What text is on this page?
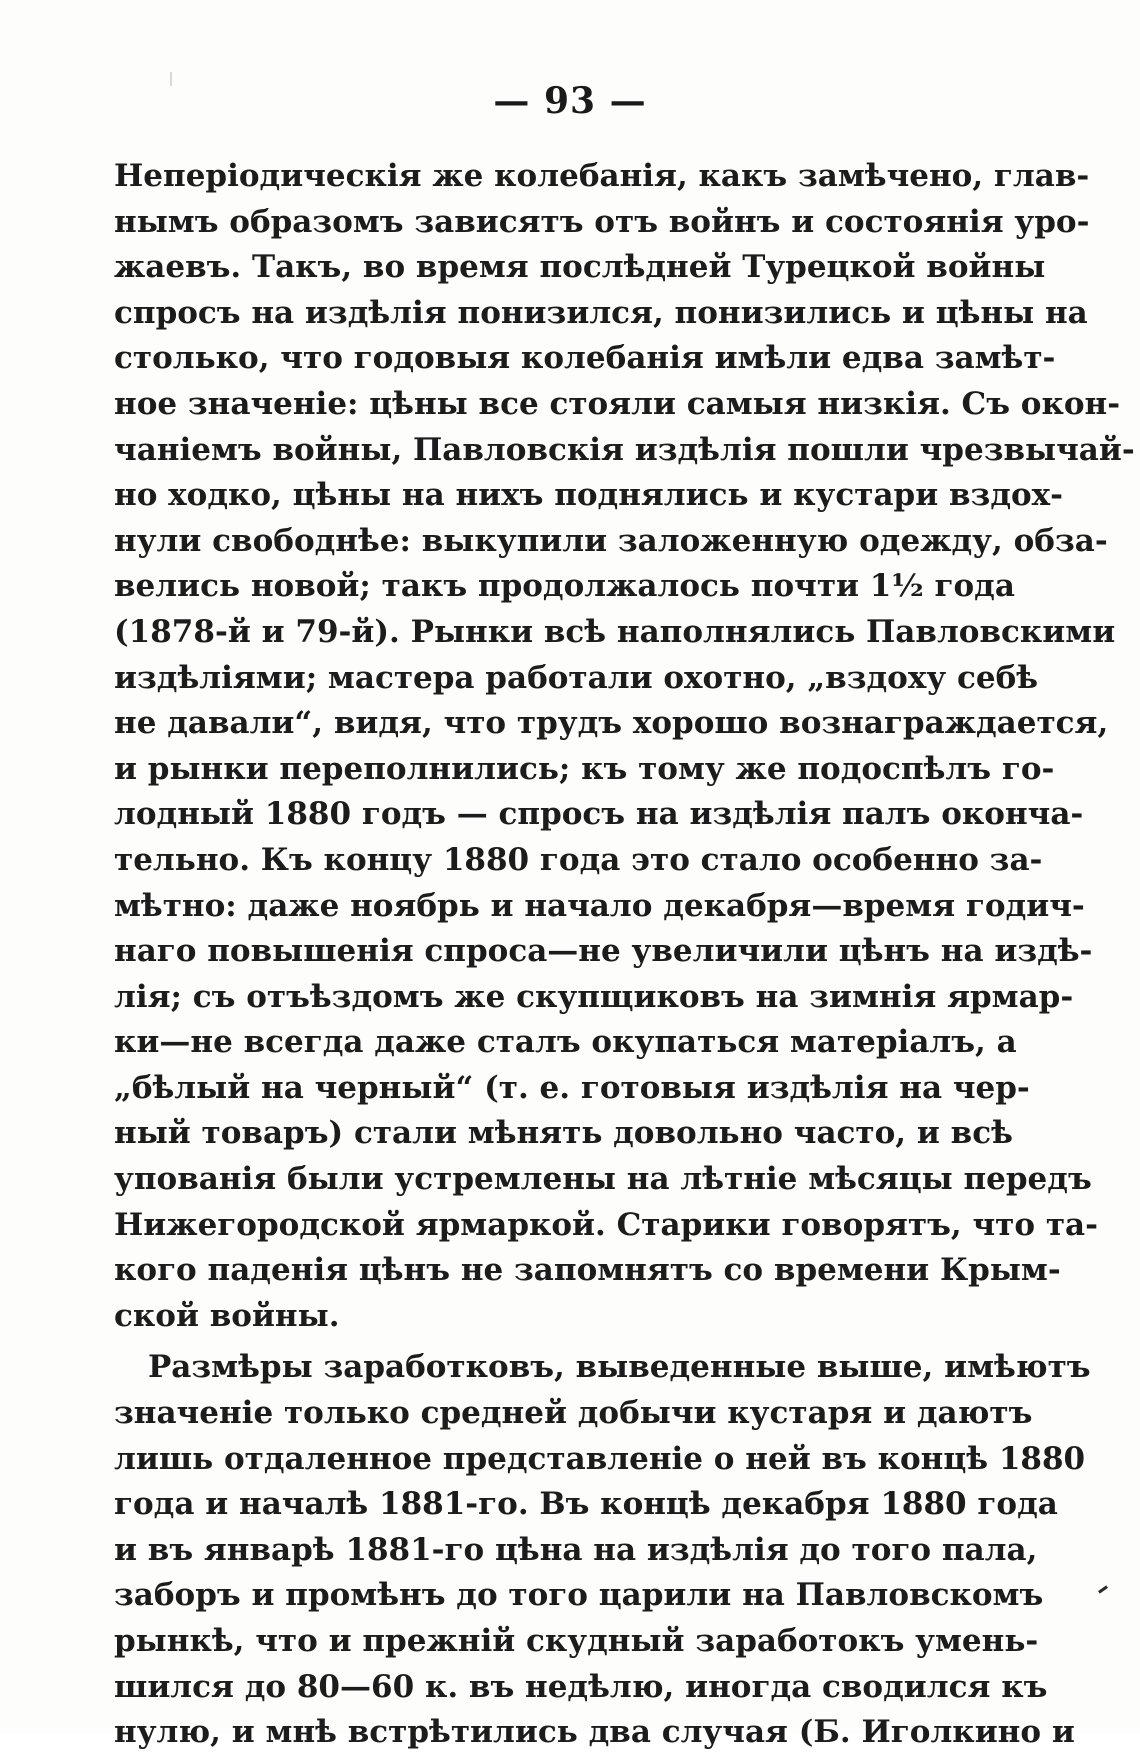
— 93 —
Непеpіодическія же колебанія, какъ замѣчено, глав-
нымъ образомъ зависятъ отъ войнъ и состоянія уро-
жаевъ. Такъ, во время послѣдней Турецкой войны
спросъ на издѣлія понизился, понизились и цѣны на
столько, что годовыя колебанія имѣли едва замѣт-
ное значеніе: цѣны все стояли самыя низкія. Съ окон-
чаніемъ войны, Павловскія издѣлія пошли чрезвычай-
но ходко, цѣны на нихъ поднялись и кустари вздох-
нули свободнѣе: выкупили заложенную одежду, обза-
велись новой; такъ продолжалось почти 1½ года
(1878-й и 79-й). Рынки всѣ наполнялись Павловскими
издѣліями; мастера работали охотно, „вздоху себѣ
не давали“, видя, что трудъ хорошо вознаграждается,
и рынки переполнились; къ тому же подоспѣлъ го-
лодный 1880 годъ — спросъ на издѣлія палъ оконча-
тельно. Къ концу 1880 года это стало особенно за-
мѣтно: даже ноябрь и начало декабря—время годич-
наго повышенія спроса—не увеличили цѣнъ на издѣ-
лія; съ отъѣздомъ же скупщиковъ на зимнія ярмар-
ки—не всегда даже сталъ окупаться матеріалъ, а
„бѣлый на черный“ (т. е. готовыя издѣлія на чер-
ный товаръ) стали мѣнять довольно часто, и всѣ
упованія были устремлены на лѣтніе мѣсяцы передъ
Нижегородской ярмаркой. Старики говорятъ, что та-
кого паденія цѣнъ не запомнятъ со времени Крым-
ской войны.
Размѣры заработковъ, выведенные выше, имѣютъ
значеніе только средней добычи кустаря и даютъ
лишь отдаленное представленіе о ней въ концѣ 1880
года и началѣ 1881-го. Въ концѣ декабря 1880 года
и въ январѣ 1881-го цѣна на издѣлія до того пала,
заборъ и промѣнъ до того царили на Павловскомъ
рынкѣ, что и прежній скудный заработокъ умень-
шился до 80—60 к. въ недѣлю, иногда сводился къ
нулю, и мнѣ встрѣтились два случая (Б. Иголкино и
